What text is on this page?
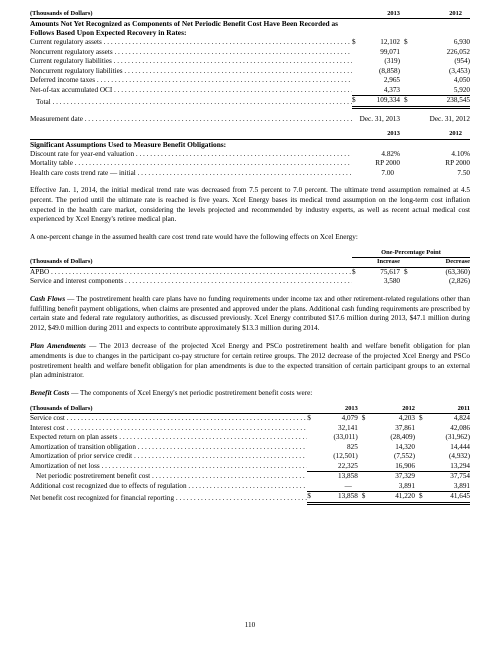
(Thousands of Dollars)		2013		2012
Amounts Not Yet Recognized as Components of Net Periodic Benefit Cost Have Been Recorded as Follows Based Upon Expected Recovery in Rates:				
Current regulatory assets . . .	$	12,102	$	6,930
Noncurrent regulatory assets . . .		99,071		226,052
Current regulatory liabilities . . .		(319)		(954)
Noncurrent regulatory liabilities . . .		(8,858)		(3,453)
Deferred income taxes . . .		2,965		4,050
Net-of-tax accumulated OCI . . .		4,373		5,920
Total . . .	$	109,334	$	238,545

Measurement date . . .	Dec. 31, 2013		Dec. 31, 2012	
		2013		2012
Significant Assumptions Used to Measure Benefit Obligations:				
Discount rate for year-end valuation . . .		4.82%		4.10%
Mortality table . . .		RP 2000		RP 2000
Health care costs trend rate — initial . . .		7.00		7.50

Effective Jan. 1, 2014, the initial medical trend rate was decreased from 7.5 percent to 7.0 percent. The ultimate trend assumption remained at 4.5 percent. The period until the ultimate rate is reached is five years. Xcel Energy bases its medical trend assumption on the long-term cost inflation expected in the health care market, considering the levels projected and recommended by industry experts, as well as recent actual medical cost experienced by Xcel Energy's retiree medical plan.

A one-percent change in the assumed health care cost trend rate would have the following effects on Xcel Energy:

	One-Percentage Point			
(Thousands of Dollars)		Increase		Decrease
APBO . . .	$	75,617	$	(63,360)
Service and interest components . . .		3,580		(2,826)

Cash Flows — The postretirement health care plans have no funding requirements under income tax and other retirement-related regulations other than fulfilling benefit payment obligations, when claims are presented and approved under the plans. Additional cash funding requirements are prescribed by certain state and federal rate regulatory authorities, as discussed previously. Xcel Energy contributed $17.6 million during 2013, $47.1 million during 2012, $49.0 million during 2011 and expects to contribute approximately $13.3 million during 2014.

Plan Amendments — The 2013 decrease of the projected Xcel Energy and PSCo postretirement health and welfare benefit obligation for plan amendments is due to changes in the participant co-pay structure for certain retiree groups. The 2012 decrease of the projected Xcel Energy and PSCo postretirement health and welfare benefit obligation for plan amendments is due to the expected transition of certain participant groups to an external plan administrator.

Benefit Costs — The components of Xcel Energy's net periodic postretirement benefit costs were:

(Thousands of Dollars)		2013		2012		2011
Service cost . . .	$	4,079	$	4,203	$	4,824
Interest cost . . .		32,141		37,861		42,086
Expected return on plan assets . . .		(33,011)		(28,409)		(31,962)
Amortization of transition obligation . . .		825		14,320		14,444
Amortization of prior service credit . . .		(12,501)		(7,552)		(4,932)
Amortization of net loss . . .		22,325		16,906		13,294
Net periodic postretirement benefit cost . . .		13,858		37,329		37,754
Additional cost recognized due to effects of regulation . . .		—		3,891		3,891
Net benefit cost recognized for financial reporting . . .	$	13,858	$	41,220	$	41,645
110
